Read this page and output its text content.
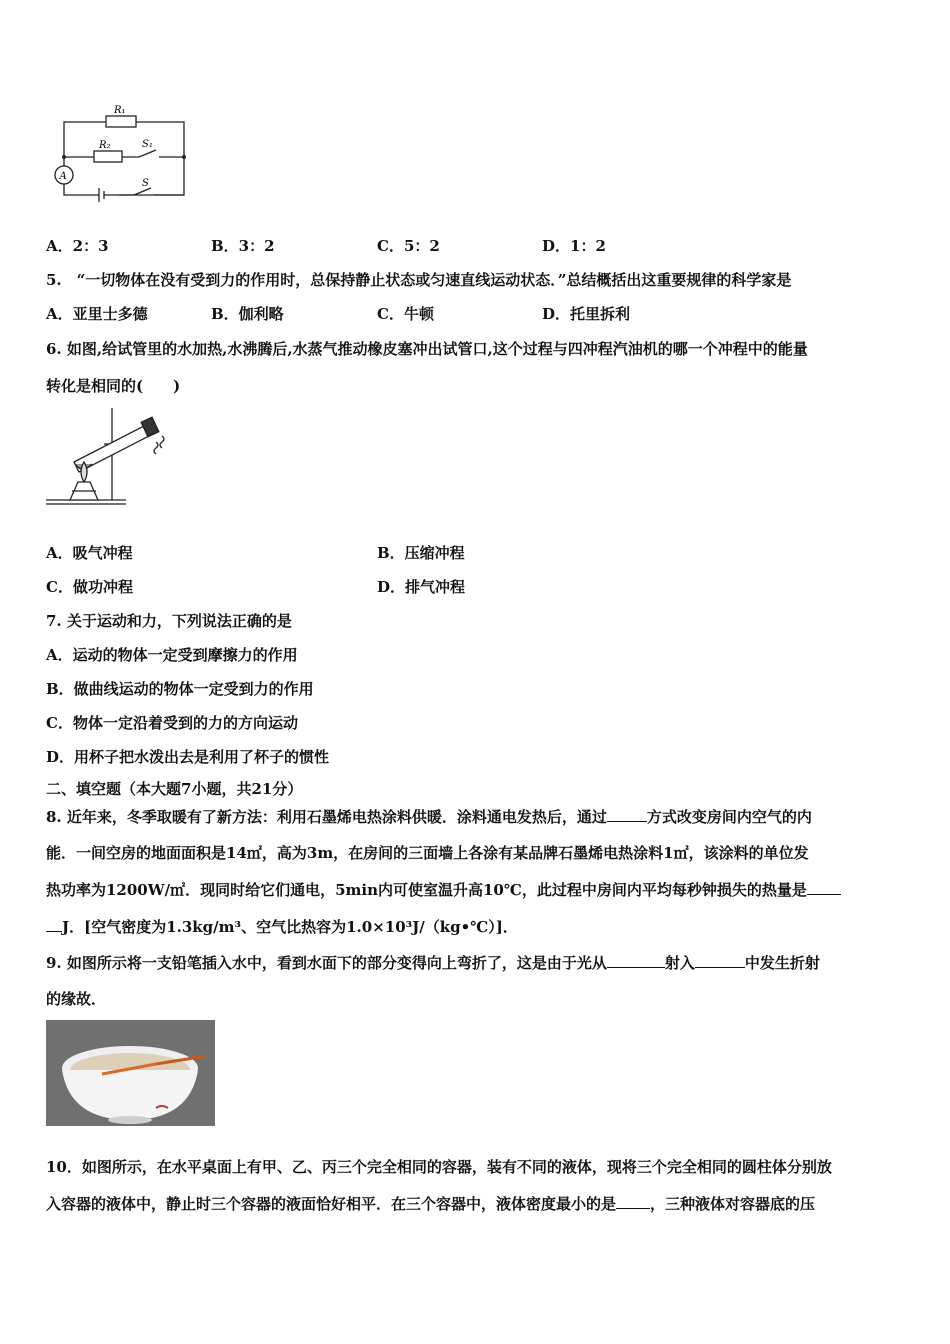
R₁
R₂	S₁
S
A
A．2：3	B．3：2	C．5：2	D．1：2
5.　“一切物体在没有受到力的作用时，总保持静止状态或匀速直线运动状态．”总结概括出这重要规律的科学家是
A．亚里士多德	B．伽利略	C．牛顿	D．托里拆利
6. 如图,给试管里的水加热,水沸腾后,水蒸气推动橡皮塞冲出试管口,这个过程与四冲程汽油机的哪一个冲程中的能量
转化是相同的(　　)
A．吸气冲程	B．压缩冲程
C．做功冲程	D．排气冲程
7. 关于运动和力，下列说法正确的是
A．运动的物体一定受到摩擦力的作用
B．做曲线运动的物体一定受到力的作用
C．物体一定沿着受到的力的方向运动
D．用杯子把水泼出去是利用了杯子的惯性
二、填空题（本大题7小题，共21分）
8. 近年来，冬季取暖有了新方法：利用石墨烯电热涂料供暖．涂料通电发热后，通过	方式改变房间内空气的内
能．一间空房的地面面积是14㎡，高为3m，在房间的三面墙上各涂有某品牌石墨烯电热涂料1㎡，该涂料的单位发
热功率为1200W/㎡．现同时给它们通电，5min内可使室温升高10℃，此过程中房间内平均每秒钟损失的热量是
J．[空气密度为1.3kg/m³、空气比热容为1.0×10³J/（kg•℃）]．
9. 如图所示将一支铅笔插入水中，看到水面下的部分变得向上弯折了，这是由于光从	射入	中发生折射
的缘故．
10．如图所示，在水平桌面上有甲、乙、丙三个完全相同的容器，装有不同的液体，现将三个完全相同的圆柱体分别放
入容器的液体中，静止时三个容器的液面恰好相平．在三个容器中，液体密度最小的是 ，三种液体对容器底的压
